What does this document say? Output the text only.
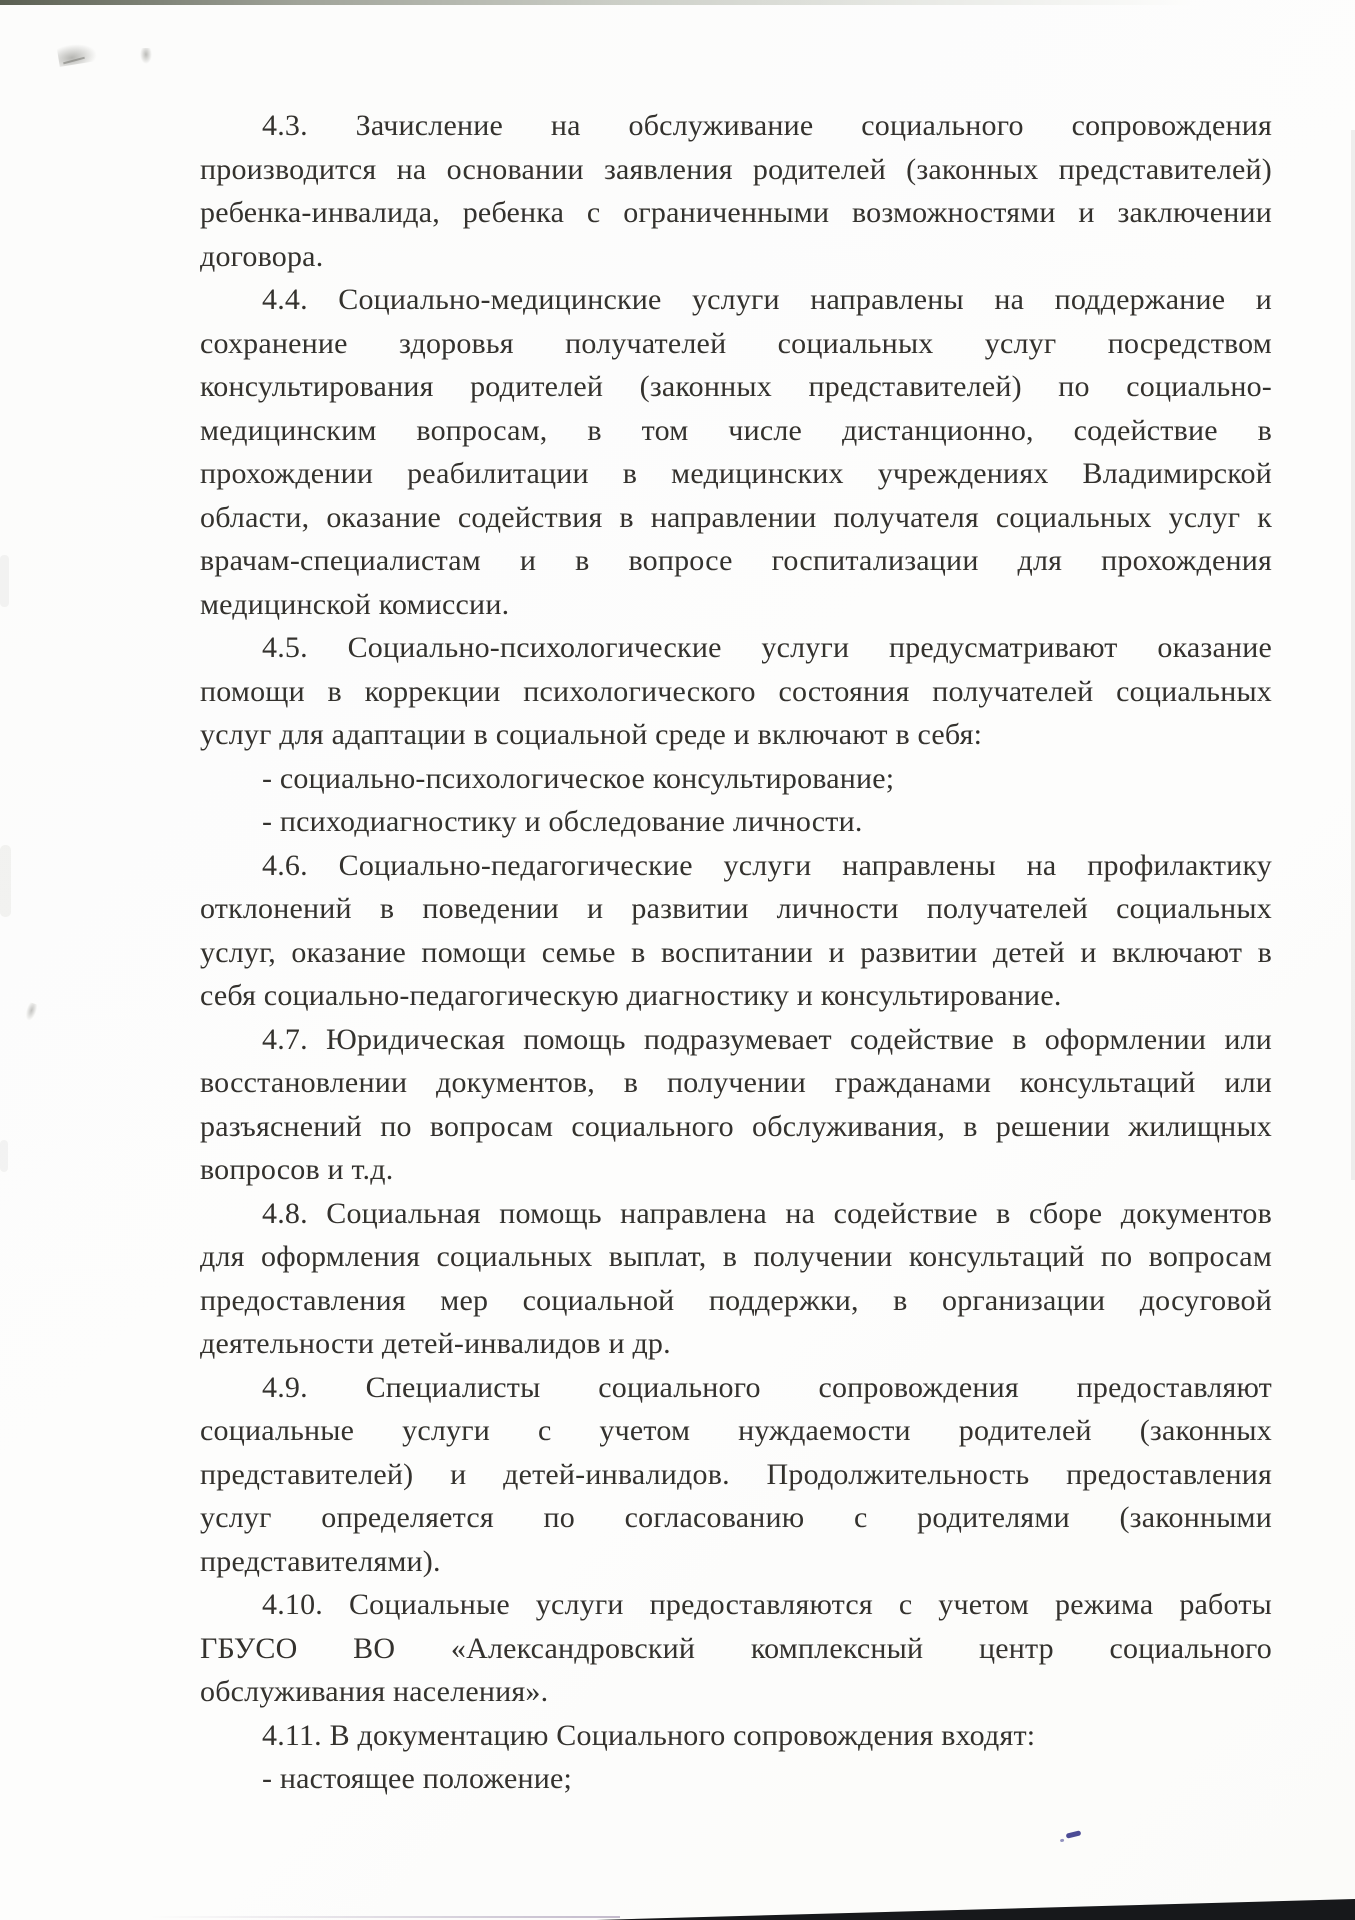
4.3. Зачисление на обслуживание социального сопровождения
производится на основании заявления родителей (законных представителей)
ребенка-инвалида, ребенка с ограниченными возможностями и заключении
договора.
4.4. Социально-медицинские услуги направлены на поддержание и
сохранение здоровья получателей социальных услуг посредством
консультирования родителей (законных представителей) по социально-
медицинским вопросам, в том числе дистанционно, содействие в
прохождении реабилитации в медицинских учреждениях Владимирской
области, оказание содействия в направлении получателя социальных услуг к
врачам-специалистам и в вопросе госпитализации для прохождения
медицинской комиссии.
4.5. Социально-психологические услуги предусматривают оказание
помощи в коррекции психологического состояния получателей социальных
услуг для адаптации в социальной среде и включают в себя:
- социально-психологическое консультирование;
- психодиагностику и обследование личности.
4.6. Социально-педагогические услуги направлены на профилактику
отклонений в поведении и развитии личности получателей социальных
услуг, оказание помощи семье в воспитании и развитии детей и включают в
себя социально-педагогическую диагностику и консультирование.
4.7. Юридическая помощь подразумевает содействие в оформлении или
восстановлении документов, в получении гражданами консультаций или
разъяснений по вопросам социального обслуживания, в решении жилищных
вопросов и т.д.
4.8. Социальная помощь направлена на содействие в сборе документов
для оформления социальных выплат, в получении консультаций по вопросам
предоставления мер социальной поддержки, в организации досуговой
деятельности детей-инвалидов и др.
4.9. Специалисты социального сопровождения предоставляют
социальные услуги с учетом нуждаемости родителей (законных
представителей) и детей-инвалидов. Продолжительность предоставления
услуг определяется по согласованию с родителями (законными
представителями).
4.10. Социальные услуги предоставляются с учетом режима работы
ГБУСО ВО «Александровский комплексный центр социального
обслуживания населения».
4.11. В документацию Социального сопровождения входят:
- настоящее положение;
